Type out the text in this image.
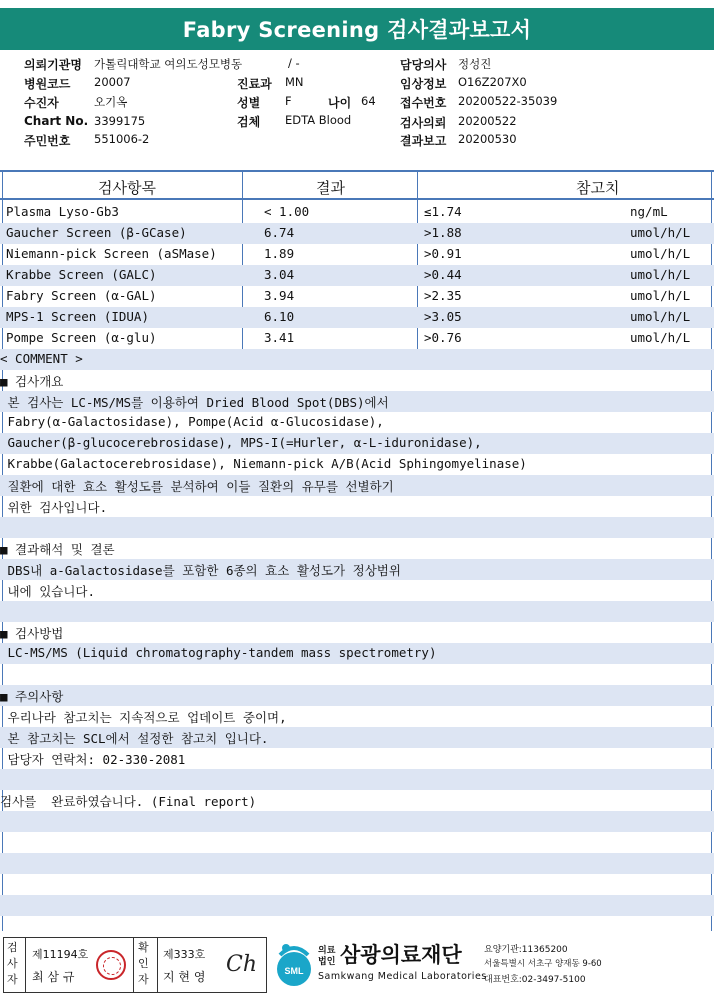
Fabry Screening 검사결과보고서
의뢰기관명 가톨릭대학교 여의도성모병동	/ -
병원코드 20007	진료과 MN
수진자	오기옥	성별 F	나이 64
Chart No. 3399175	검체 EDTA Blood
주민번호 551006-2
담당의사 정성진
임상정보 O16Z207X0
접수번호 20200522-35039
검사의뢰 20200522
결과보고 20200530
검사항목	결과	참고치
Plasma Lyso-Gb3	< 1.00	≤1.74	ng/mL
Gaucher Screen (β-GCase)	6.74	>1.88	umol/h/L
Niemann-pick Screen (aSMase)	1.89	>0.91	umol/h/L
Krabbe Screen (GALC)	3.04	>0.44	umol/h/L
Fabry Screen (α-GAL)	3.94	>2.35	umol/h/L
MPS-1 Screen (IDUA)	6.10	>3.05	umol/h/L
Pompe Screen (α-glu)	3.41	>0.76	umol/h/L
< COMMENT >
■ 검사개요
본 검사는 LC-MS/MS를 이용하여 Dried Blood Spot(DBS)에서
Fabry(α-Galactosidase), Pompe(Acid α-Glucosidase),
Gaucher(β-glucocerebrosidase), MPS-I(=Hurler, α-L-iduronidase),
Krabbe(Galactocerebrosidase), Niemann-pick A/B(Acid Sphingomyelinase)
질환에 대한 효소 활성도를 분석하여 이들 질환의 유무를 선별하기
위한 검사입니다.
■ 결과해석 및 결론
DBS내 a-Galactosidase를 포함한 6종의 효소 활성도가 정상범위
내에 있습니다.
■ 검사방법
LC-MS/MS (Liquid chromatography-tandem mass spectrometry)
■ 주의사항
우리나라 참고치는 지속적으로 업데이트 중이며,
본 참고치는 SCL에서 설정한 참고치 입니다.
담당자 연락처: 02-330-2081
검사를  완료하였습니다. (Final report)
검사자
제11194호
최 삼 규
확인자
제333호
지 현 영 Ch	SML
의료
법인 삼광의료재단
Samkwang Medical Laboratories
요양기관:11365200
서울특별시 서초구 양재동 9-60
대표번호:02-3497-5100
